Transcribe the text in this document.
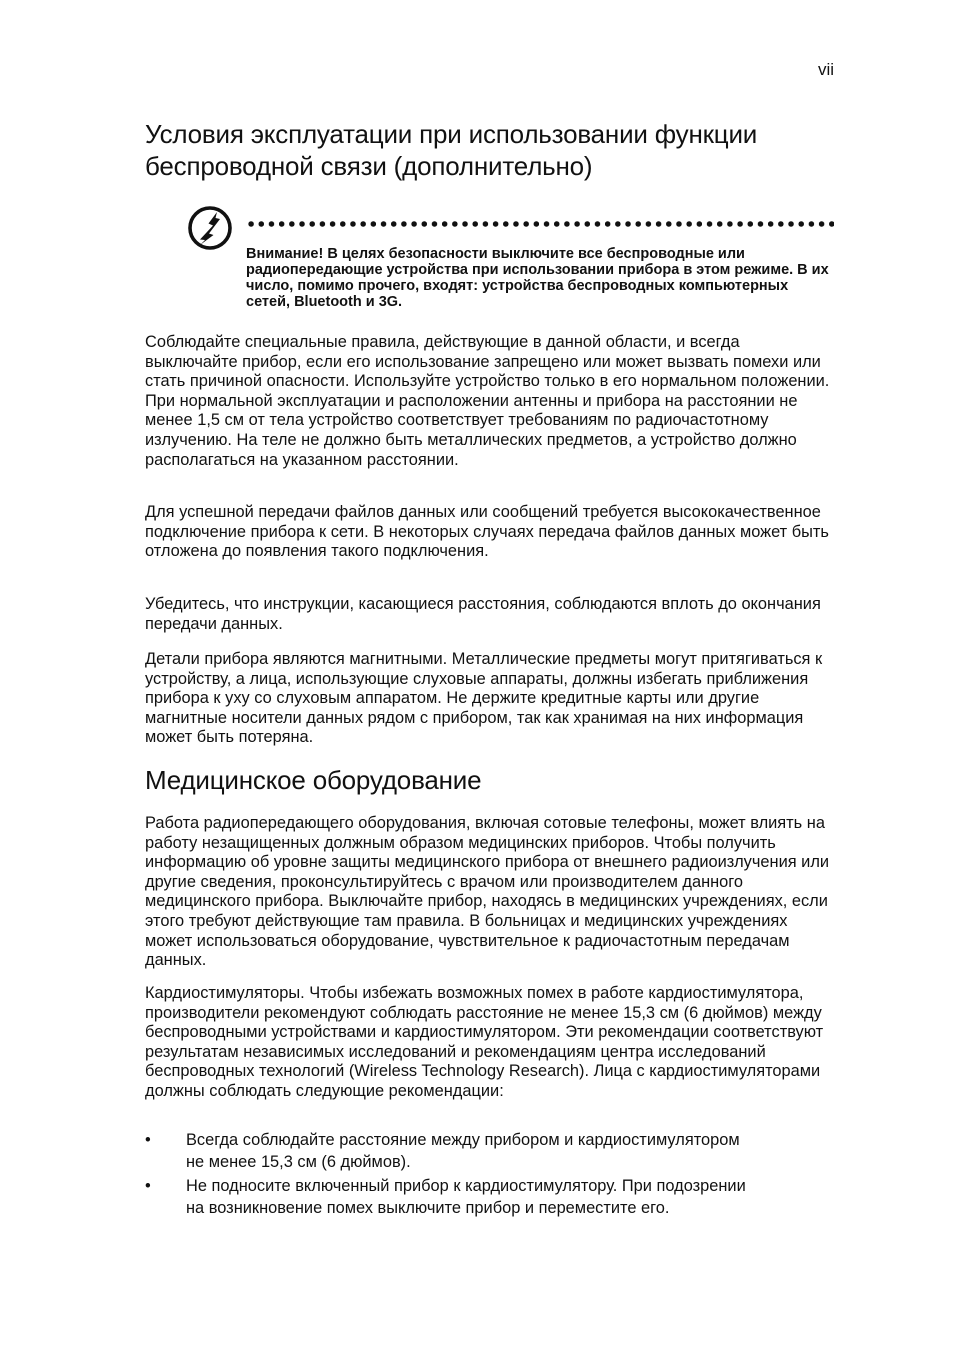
vii
Условия эксплуатации при использовании функции
беспроводной связи (дополнительно)

Внимание! В целях безопасности выключите все беспроводные или радиопередающие устройства при использовании прибора в этом режиме. В их число, помимо прочего, входят: устройства беспроводных компьютерных сетей, Bluetooth и 3G.

Соблюдайте специальные правила, действующие в данной области, и всегда выключайте прибор, если его использование запрещено или может вызвать помехи или стать причиной опасности. Используйте устройство только в его нормальном положении. При нормальной эксплуатации и расположении антенны и прибора на расстоянии не менее 1,5 см от тела устройство соответствует требованиям по радиочастотному излучению. На теле не должно быть металлических предметов, а устройство должно располагаться на указанном расстоянии.

Для успешной передачи файлов данных или сообщений требуется высококачественное подключение прибора к сети. В некоторых случаях передача файлов данных может быть отложена до появления такого подключения.

Убедитесь, что инструкции, касающиеся расстояния, соблюдаются вплоть до окончания передачи данных.

Детали прибора являются магнитными. Металлические предметы могут притягиваться к устройству, а лица, использующие слуховые аппараты, должны избегать приближения прибора к уху со слуховым аппаратом. Не держите кредитные карты или другие магнитные носители данных рядом с прибором, так как хранимая на них информация может быть потеряна.

Медицинское оборудование

Работа радиопередающего оборудования, включая сотовые телефоны, может влиять на работу незащищенных должным образом медицинских приборов. Чтобы получить информацию об уровне защиты медицинского прибора от внешнего радиоизлучения или другие сведения, проконсультируйтесь с врачом или производителем данного медицинского прибора. Выключайте прибор, находясь в медицинских учреждениях, если этого требуют действующие там правила. В больницах и медицинских учреждениях может использоваться оборудование, чувствительное к радиочастотным передачам данных.

Кардиостимуляторы. Чтобы избежать возможных помех в работе кардиостимулятора, производители рекомендуют соблюдать расстояние не менее 15,3 см (6 дюймов) между беспроводными устройствами и кардиостимулятором. Эти рекомендации соответствуют результатам независимых исследований и рекомендациям центра исследований беспроводных технологий (Wireless Technology Research). Лица с кардиостимуляторами должны соблюдать следующие рекомендации:

• Всегда соблюдайте расстояние между прибором и кардиостимулятором
не менее 15,3 см (6 дюймов).
• Не подносите включенный прибор к кардиостимулятору. При подозрении
на возникновение помех выключите прибор и переместите его.
